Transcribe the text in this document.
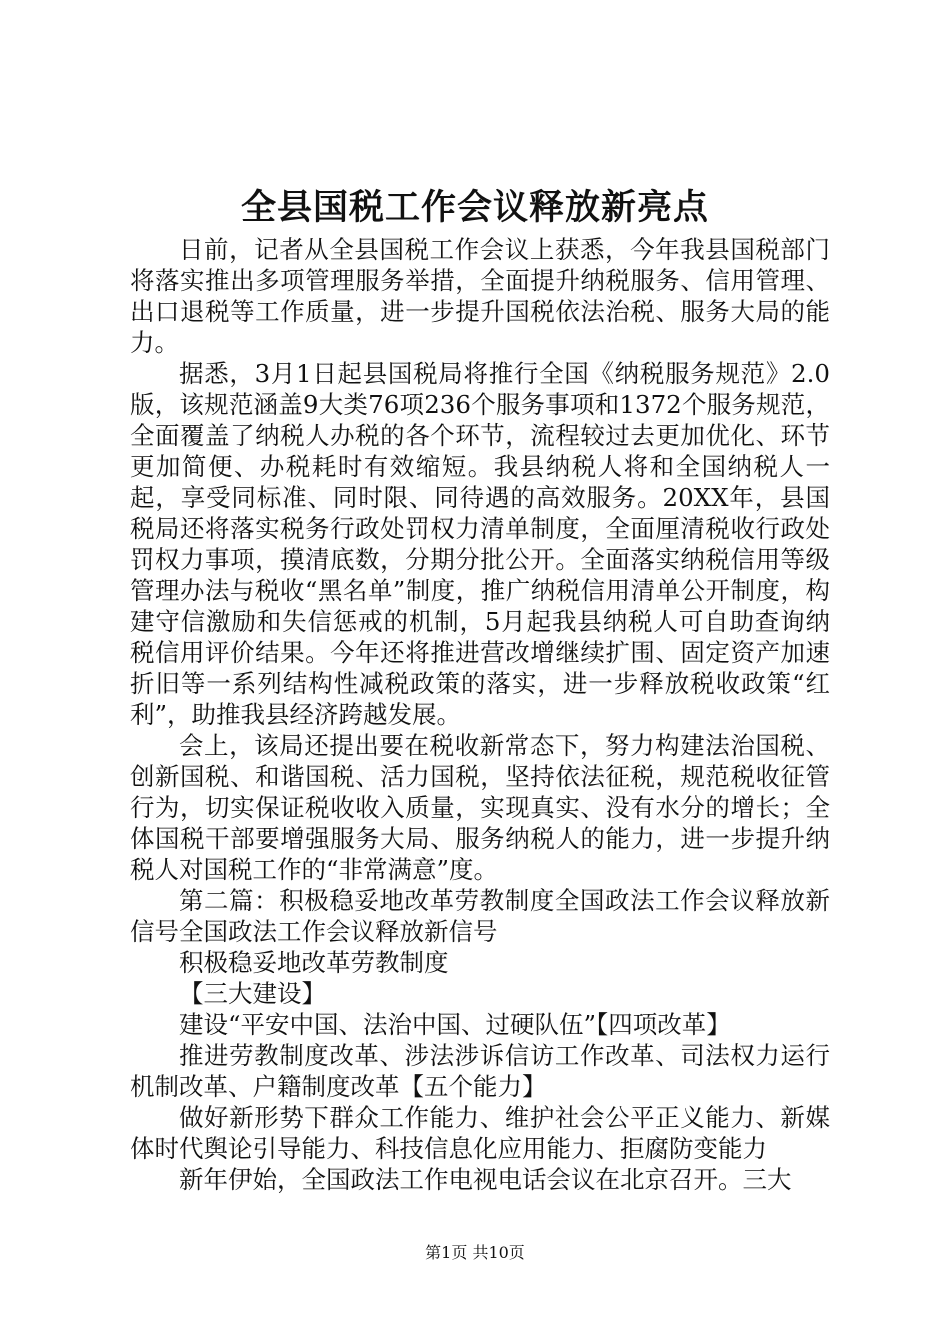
全县国税工作会议释放新亮点

日前，记者从全县国税工作会议上获悉，今年我县国税部门将落实推出多项管理服务举措，全面提升纳税服务、信用管理、出口退税等工作质量，进一步提升国税依法治税、服务大局的能力。

据悉，3月1日起县国税局将推行全国《纳税服务规范》2.0版，该规范涵盖9大类76项236个服务事项和1372个服务规范，全面覆盖了纳税人办税的各个环节，流程较过去更加优化、环节更加简便、办税耗时有效缩短。我县纳税人将和全国纳税人一起，享受同标准、同时限、同待遇的高效服务。20XX年，县国税局还将落实税务行政处罚权力清单制度，全面厘清税收行政处罚权力事项，摸清底数，分期分批公开。全面落实纳税信用等级管理办法与税收“黑名单”制度，推广纳税信用清单公开制度，构建守信激励和失信惩戒的机制，5月起我县纳税人可自助查询纳税信用评价结果。今年还将推进营改增继续扩围、固定资产加速折旧等一系列结构性减税政策的落实，进一步释放税收政策“红利”，助推我县经济跨越发展。

会上，该局还提出要在税收新常态下，努力构建法治国税、创新国税、和谐国税、活力国税，坚持依法征税，规范税收征管行为，切实保证税收收入质量，实现真实、没有水分的增长；全体国税干部要增强服务大局、服务纳税人的能力，进一步提升纳税人对国税工作的“非常满意”度。

第二篇：积极稳妥地改革劳教制度全国政法工作会议释放新信号全国政法工作会议释放新信号

积极稳妥地改革劳教制度

【三大建设】

建设“平安中国、法治中国、过硬队伍”【四项改革】

推进劳教制度改革、涉法涉诉信访工作改革、司法权力运行机制改革、户籍制度改革【五个能力】

做好新形势下群众工作能力、维护社会公平正义能力、新媒体时代舆论引导能力、科技信息化应用能力、拒腐防变能力

新年伊始，全国政法工作电视电话会议在北京召开。三大

第1页 共10页
